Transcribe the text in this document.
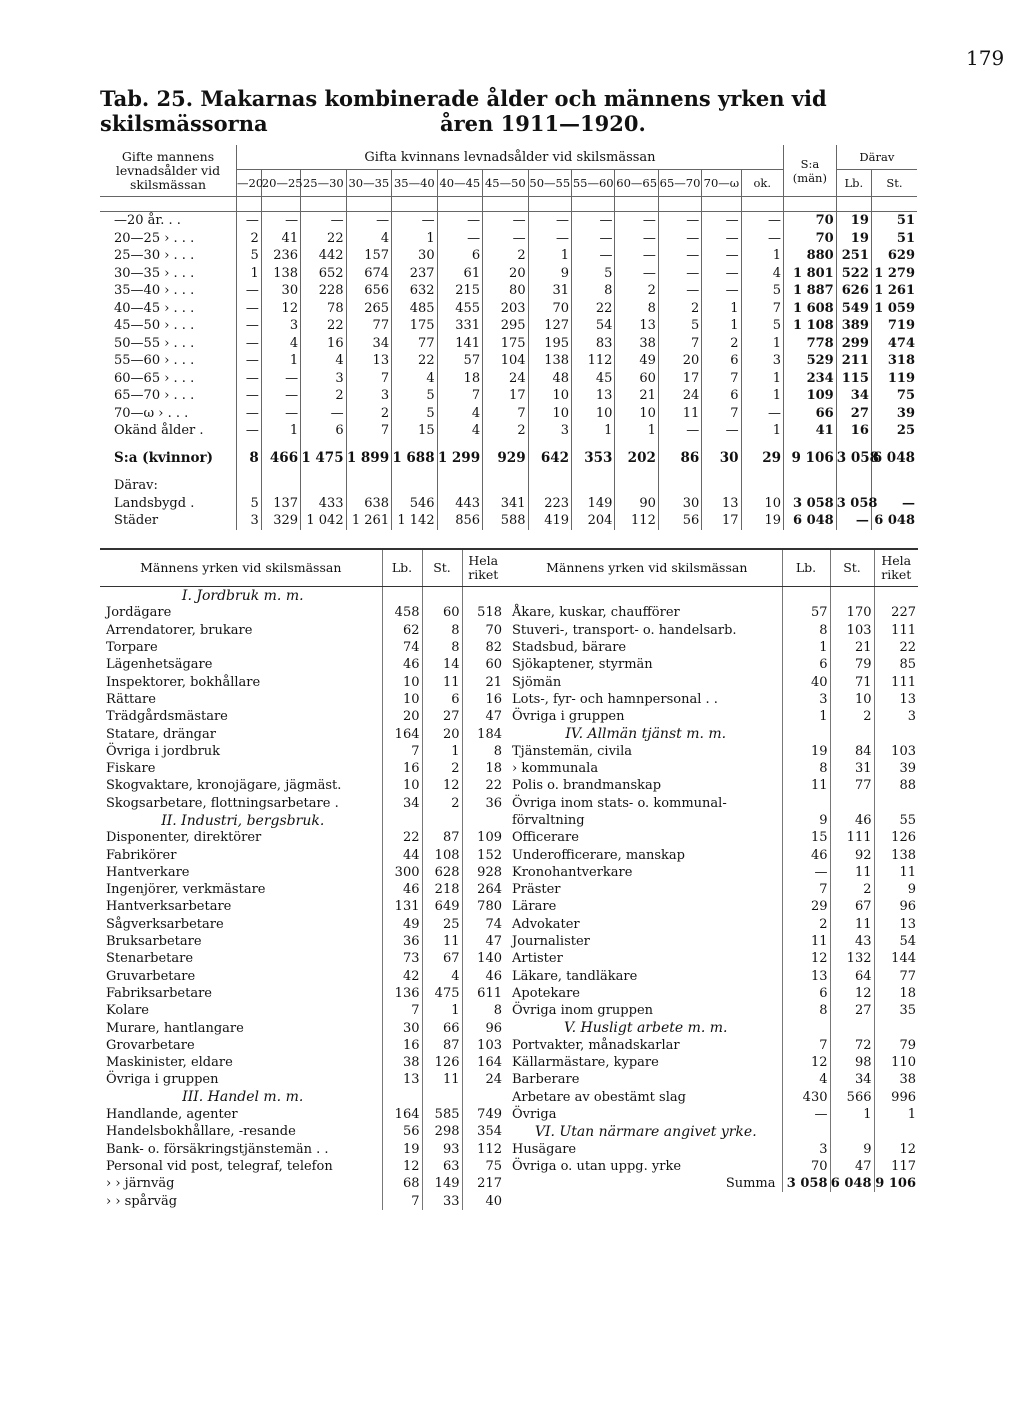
179
Tab. 25. Makarnas kombinerade ålder och männens yrken vid skilsmässorna	åren 1911—1920.
Gifte mannens levnadsålder vid skilsmässan	Gifta kvinnans levnadsålder vid skilsmässan													S:a (män)	Därav	
	—20	20—25	25—30	30—35	35—40	40—45	45—50	50—55	55—60	60—65	65—70	70—ω	ok.		Lb.	St.

—20 år. . .	—	—	—	—	—	—	—	—	—	—	—	—	—	70	19	51
20—25 › . . .	2	41	22	4	1	—	—	—	—	—	—	—	—	70	19	51
25—30 › . . .	5	236	442	157	30	6	2	1	—	—	—	—	1	880	251	629
30—35 › . . .	1	138	652	674	237	61	20	9	5	—	—	—	4	1 801	522	1 279
35—40 › . . .	—	30	228	656	632	215	80	31	8	2	—	—	5	1 887	626	1 261
40—45 › . . .	—	12	78	265	485	455	203	70	22	8	2	1	7	1 608	549	1 059
45—50 › . . .	—	3	22	77	175	331	295	127	54	13	5	1	5	1 108	389	719
50—55 › . . .	—	4	16	34	77	141	175	195	83	38	7	2	1	778	299	474
55—60 › . . .	—	1	4	13	22	57	104	138	112	49	20	6	3	529	211	318
60—65 › . . .	—	—	3	7	4	18	24	48	45	60	17	7	1	234	115	119
65—70 › . . .	—	—	2	3	5	7	17	10	13	21	24	6	1	109	34	75
70—ω › . . .	—	—	—	2	5	4	7	10	10	10	11	7	—	66	27	39
Okänd ålder .	—	1	6	7	15	4	2	3	1	1	—	—	1	41	16	25

S:a (kvinnor)	8	466	1 475	1 899	1 688	1 299	929	642	353	202	86	30	29	9 106	3 058	6 048

Därav:																
Landsbygd .	5	137	433	638	546	443	341	223	149	90	30	13	10	3 058	3 058	—
Städer	3	329	1 042	1 261	1 142	856	588	419	204	112	56	17	19	6 048	—	6 048
Männens yrken vid skilsmässan	Lb.	St.	Hela riket
I. Jordbruk m. m.			
Jordägare	458	60	518
Arrendatorer, brukare	62	8	70
Torpare	74	8	82
Lägenhetsägare	46	14	60
Inspektorer, bokhållare	10	11	21
Rättare	10	6	16
Trädgårdsmästare	20	27	47
Statare, drängar	164	20	184
Övriga i jordbruk	7	1	8
Fiskare	16	2	18
Skogvaktare, kronojägare, jägmäst.	10	12	22
Skogsarbetare, flottningsarbetare .	34	2	36
II. Industri, bergsbruk.			
Disponenter, direktörer	22	87	109
Fabrikörer	44	108	152
Hantverkare	300	628	928
Ingenjörer, verkmästare	46	218	264
Hantverksarbetare	131	649	780
Sågverksarbetare	49	25	74
Bruksarbetare	36	11	47
Stenarbetare	73	67	140
Gruvarbetare	42	4	46
Fabriksarbetare	136	475	611
Kolare	7	1	8
Murare, hantlangare	30	66	96
Grovarbetare	16	87	103
Maskinister, eldare	38	126	164
Övriga i gruppen	13	11	24
III. Handel m. m.			
Handlande, agenter	164	585	749
Handelsbokhållare, -resande	56	298	354
Bank- o. försäkringstjänstemän . .	19	93	112
Personal vid post, telegraf, telefon	12	63	75
› › järnväg	68	149	217
› › spårväg	7	33	40
Männens yrken vid skilsmässan	Lb.	St.	Hela riket

Åkare, kuskar, chaufförer	57	170	227
Stuveri-, transport- o. handelsarb.	8	103	111
Stadsbud, bärare	1	21	22
Sjökaptener, styrmän	6	79	85
Sjömän	40	71	111
Lots-, fyr- och hamnpersonal . .	3	10	13
Övriga i gruppen	1	2	3
IV. Allmän tjänst m. m.			
Tjänstemän, civila	19	84	103
› kommunala	8	31	39
Polis o. brandmanskap	11	77	88
Övriga inom stats- o. kommunal-			
förvaltning	9	46	55
Officerare	15	111	126
Underofficerare, manskap	46	92	138
Kronohantverkare	—	11	11
Präster	7	2	9
Lärare	29	67	96
Advokater	2	11	13
Journalister	11	43	54
Artister	12	132	144
Läkare, tandläkare	13	64	77
Apotekare	6	12	18
Övriga inom gruppen	8	27	35
V. Husligt arbete m. m.			
Portvakter, månadskarlar	7	72	79
Källarmästare, kypare	12	98	110
Barberare	4	34	38
Arbetare av obestämt slag	430	566	996
Övriga	—	1	1
VI. Utan närmare angivet yrke.			
Husägare	3	9	12
Övriga o. utan uppg. yrke	70	47	117
Summa	3 058	6 048	9 106
